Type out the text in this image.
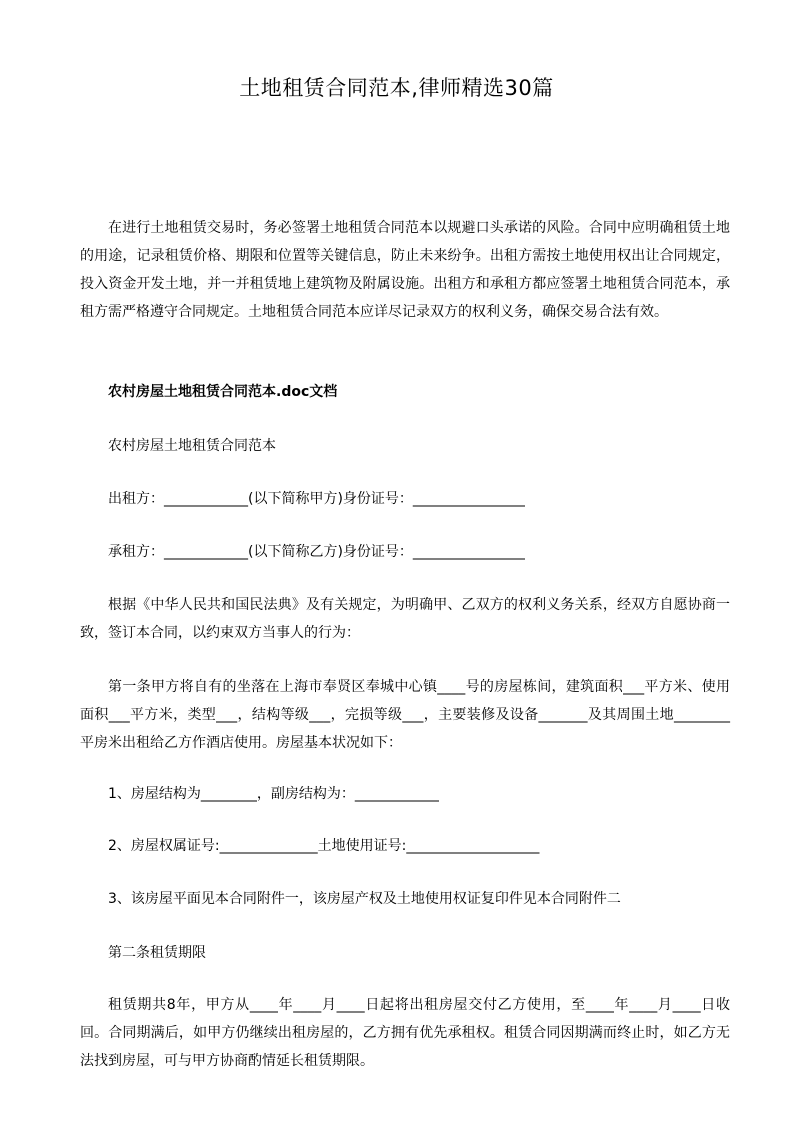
土地租赁合同范本,律师精选30篇
在进行土地租赁交易时，务必签署土地租赁合同范本以规避口头承诺的风险。合同中应明确租赁土地的用途，记录租赁价格、期限和位置等关键信息，防止未来纷争。出租方需按土地使用权出让合同规定，投入资金开发土地，并一并租赁地上建筑物及附属设施。出租方和承租方都应签署土地租赁合同范本，承租方需严格遵守合同规定。土地租赁合同范本应详尽记录双方的权利义务，确保交易合法有效。
农村房屋土地租赁合同范本.doc文档
农村房屋土地租赁合同范本
出租方：____________(以下简称甲方)身份证号：________________
承租方：____________(以下简称乙方)身份证号：________________
根据《中华人民共和国民法典》及有关规定，为明确甲、乙双方的权利义务关系，经双方自愿协商一致，签订本合同，以约束双方当事人的行为：
第一条甲方将自有的坐落在上海市奉贤区奉城中心镇____号的房屋栋间，建筑面积___平方米、使用面积___平方米，类型___，结构等级___，完损等级___，主要装修及设备_______及其周围土地________平房米出租给乙方作酒店使用。房屋基本状况如下：
1、房屋结构为________，副房结构为：____________
2、房屋权属证号:______________土地使用证号:___________________
3、该房屋平面见本合同附件一，该房屋产权及土地使用权证复印件见本合同附件二
第二条租赁期限
租赁期共8年，甲方从____年____月____日起将出租房屋交付乙方使用，至____年____月____日收回。合同期满后，如甲方仍继续出租房屋的，乙方拥有优先承租权。租赁合同因期满而终止时，如乙方无法找到房屋，可与甲方协商酌情延长租赁期限。
